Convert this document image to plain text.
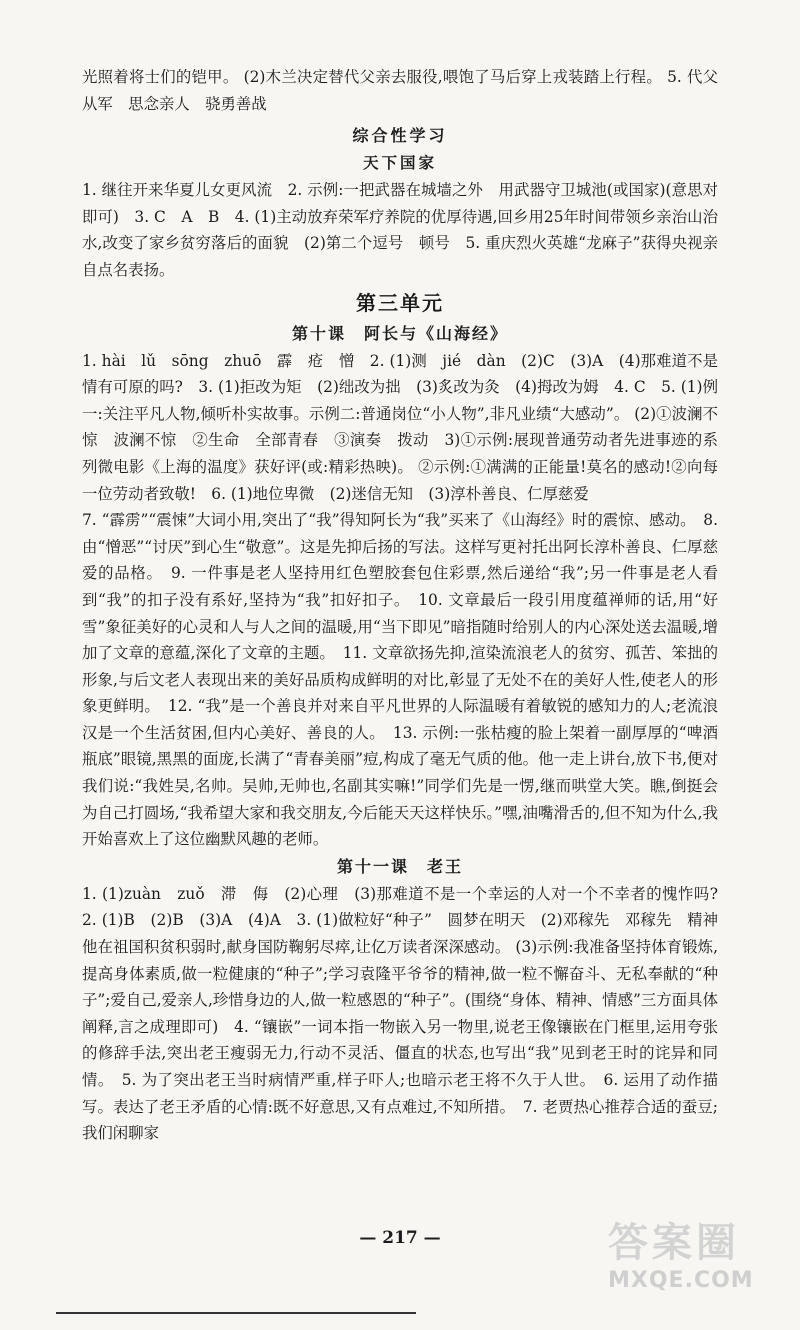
光照着将士们的铠甲。 (2)木兰决定替代父亲去服役,喂饱了马后穿上戎装踏上行程。 5. 代父从军　思念亲人　骁勇善战

综合性学习

天下国家

1. 继往开来华夏儿女更风流　2. 示例:一把武器在城墙之外　用武器守卫城池(或国家)(意思对即可)　3. C　A　B　4. (1)主动放弃荣军疗养院的优厚待遇,回乡用25年时间带领乡亲治山治水,改变了家乡贫穷落后的面貌　(2)第二个逗号　顿号　5. 重庆烈火英雄“龙麻子”获得央视亲自点名表扬。

第三单元

第十课　阿长与《山海经》

1. hài　lǔ　sōng　zhuō　霹　疮　憎　2. (1)测　jié　dàn　(2)C　(3)A　(4)那难道不是情有可原的吗?　3. (1)拒改为矩　(2)绌改为拙　(3)炙改为灸　(4)拇改为姆　4. C　5. (1)例一:关注平凡人物,倾听朴实故事。示例二:普通岗位“小人物”,非凡业绩“大感动”。 (2)①波澜不惊　波澜不惊　②生命　全部青春　③演奏　拨动　3)①示例:展现普通劳动者先进事迹的系列微电影《上海的温度》获好评(或:精彩热映)。 ②示例:①满满的正能量!莫名的感动!②向每一位劳动者致敬!　6. (1)地位卑微　(2)迷信无知　(3)淳朴善良、仁厚慈爱

7. “霹雳”“震悚”大词小用,突出了“我”得知阿长为“我”买来了《山海经》时的震惊、感动。　8. 由“憎恶”“讨厌”到心生“敬意”。这是先抑后扬的写法。这样写更衬托出阿长淳朴善良、仁厚慈爱的品格。　9. 一件事是老人坚持用红色塑胶套包住彩票,然后递给“我”;另一件事是老人看到“我”的扣子没有系好,坚持为“我”扣好扣子。　10. 文章最后一段引用度蕴禅师的话,用“好雪”象征美好的心灵和人与人之间的温暖,用“当下即见”暗指随时给别人的内心深处送去温暖,增加了文章的意蕴,深化了文章的主题。　11. 文章欲扬先抑,渲染流浪老人的贫穷、孤苦、笨拙的形象,与后文老人表现出来的美好品质构成鲜明的对比,彰显了无处不在的美好人性,使老人的形象更鲜明。　12. “我”是一个善良并对来自平凡世界的人际温暖有着敏锐的感知力的人;老流浪汉是一个生活贫困,但内心美好、善良的人。　13. 示例:一张枯瘦的脸上架着一副厚厚的“啤酒瓶底”眼镜,黑黑的面庞,长满了“青春美丽”痘,构成了毫无气质的他。他一走上讲台,放下书,便对我们说:“我姓吴,名帅。吴帅,无帅也,名副其实嘛!”同学们先是一愣,继而哄堂大笑。瞧,倒挺会为自己打圆场,“我希望大家和我交朋友,今后能天天这样快乐。”嘿,油嘴滑舌的,但不知为什么,我开始喜欢上了这位幽默风趣的老师。

第十一课　老王

1. (1)zuàn　zuǒ　滞　侮　(2)心理　(3)那难道不是一个幸运的人对一个不幸者的愧怍吗?　2. (1)B　(2)B　(3)A　(4)A　3. (1)做粒好“种子”　圆梦在明天　(2)邓稼先　邓稼先　精神　他在祖国积贫积弱时,献身国防鞠躬尽瘁,让亿万读者深深感动。 (3)示例:我准备坚持体育锻炼,提高身体素质,做一粒健康的“种子”;学习袁隆平爷爷的精神,做一粒不懈奋斗、无私奉献的“种子”;爱自己,爱亲人,珍惜身边的人,做一粒感恩的“种子”。(围绕“身体、精神、情感”三方面具体阐释,言之成理即可)　4. “镶嵌”一词本指一物嵌入另一物里,说老王像镶嵌在门框里,运用夸张的修辞手法,突出老王瘦弱无力,行动不灵活、僵直的状态,也写出“我”见到老王时的诧异和同情。　5. 为了突出老王当时病情严重,样子吓人;也暗示老王将不久于人世。　6. 运用了动作描写。表达了老王矛盾的心情:既不好意思,又有点难过,不知所措。　7. 老贾热心推荐合适的蚕豆;我们闲聊家

— 217 —	答案圈
MXQE.COM
